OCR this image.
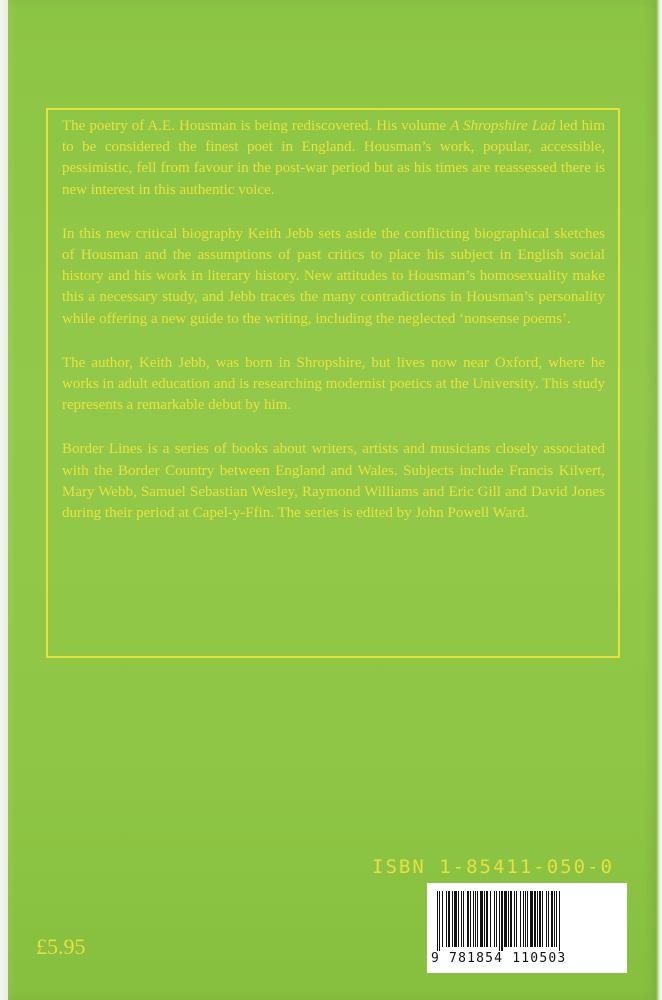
The poetry of A.E. Housman is being rediscovered. His volume A Shropshire Lad led him to be considered the finest poet in England. Housman’s work, popular, accessible, pessimistic, fell from favour in the post-war period but as his times are reassessed there is new interest in this authentic voice.

In this new critical biography Keith Jebb sets aside the conflicting biographical sketches of Housman and the assumptions of past critics to place his subject in English social history and his work in literary history. New attitudes to Housman’s homosexuality make this a necessary study, and Jebb traces the many contradictions in Housman’s personality while offering a new guide to the writing, including the neglected ‘nonsense poems’.

The author, Keith Jebb, was born in Shropshire, but lives now near Oxford, where he works in adult education and is researching modernist poetics at the University. This study represents a remarkable debut by him.

Border Lines is a series of books about writers, artists and musicians closely associated with the Border Country between England and Wales. Subjects include Francis Kilvert, Mary Webb, Samuel Sebastian Wesley, Raymond Williams and Eric Gill and David Jones during their period at Capel-y-Ffin. The series is edited by John Powell Ward.

ISBN 1-85411-050-0
£5.95	9 781854 110503
